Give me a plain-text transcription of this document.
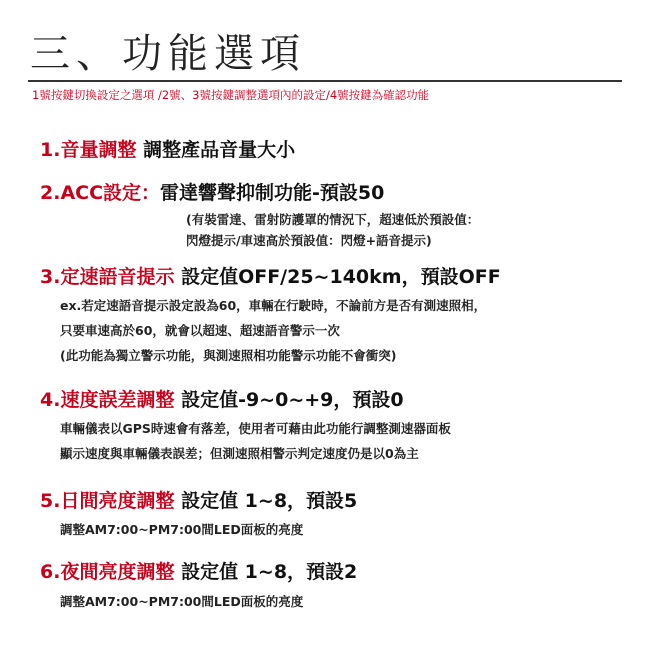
三、功能選項
1號按鍵切換設定之選項 /2號、3號按鍵調整選項內的設定/4號按鍵為確認功能
1.音量調整 調整產品音量大小
2.ACC設定：雷達響聲抑制功能-預設50
(有裝雷達、雷射防護罩的情況下，超速低於預設值：
閃燈提示/車速高於預設值：閃燈+語音提示)
3.定速語音提示 設定值OFF/25~140km，預設OFF
ex.若定速語音提示設定設為60，車輛在行駛時，不論前方是否有測速照相，
只要車速高於60，就會以超速、超速語音警示一次
(此功能為獨立警示功能，與測速照相功能警示功能不會衝突)
4.速度誤差調整 設定值-9~0~+9，預設0
車輛儀表以GPS時速會有落差，使用者可藉由此功能行調整測速器面板
顯示速度與車輛儀表誤差；但測速照相警示判定速度仍是以0為主
5.日間亮度調整 設定值 1~8，預設5
調整AM7:00~PM7:00間LED面板的亮度
6.夜間亮度調整 設定值 1~8，預設2
調整AM7:00~PM7:00間LED面板的亮度
